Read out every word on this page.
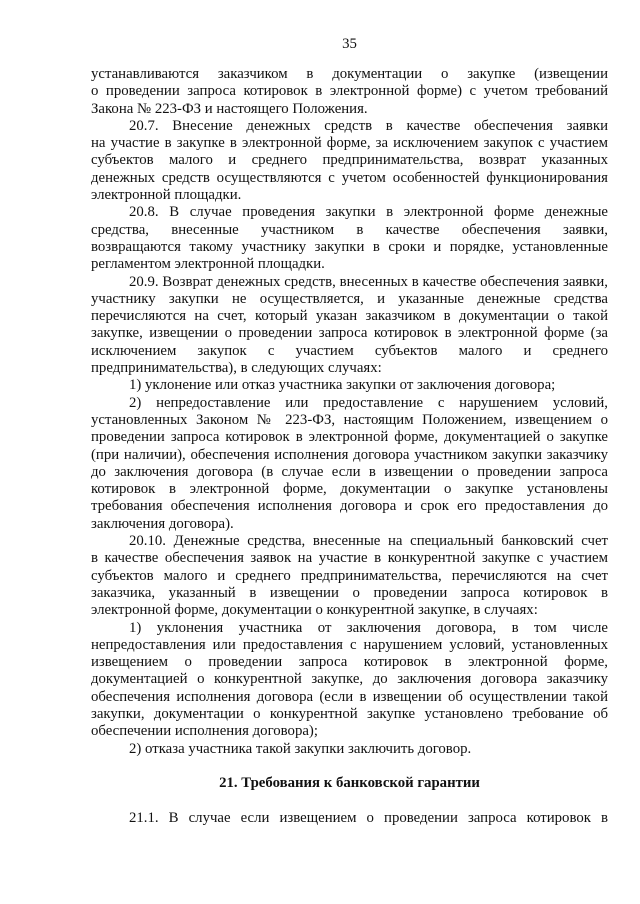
35
устанавливаются заказчиком в документации о закупке (извещении
о проведении запроса котировок в электронной форме) с учетом требований
Закона № 223-ФЗ и настоящего Положения.
20.7. Внесение денежных средств в качестве обеспечения заявки
на участие в закупке в электронной форме, за исключением закупок с участием
субъектов малого и среднего предпринимательства, возврат указанных
денежных средств осуществляются с учетом особенностей функционирования
электронной площадки.
20.8. В случае проведения закупки в электронной форме денежные
средства, внесенные участником в качестве обеспечения заявки,
возвращаются такому участнику закупки в сроки и порядке, установленные
регламентом электронной площадки.
20.9. Возврат денежных средств, внесенных в качестве обеспечения заявки,
участнику закупки не осуществляется, и указанные денежные средства
перечисляются на счет, который указан заказчиком в документации о такой
закупке, извещении о проведении запроса котировок в электронной форме (за
исключением закупок с участием субъектов малого и среднего
предпринимательства), в следующих случаях:
1) уклонение или отказ участника закупки от заключения договора;
2) непредоставление или предоставление с нарушением условий,
установленных Законом № 223-ФЗ, настоящим Положением, извещением о
проведении запроса котировок в электронной форме, документацией о закупке
(при наличии), обеспечения исполнения договора участником закупки заказчику
до заключения договора (в случае если в извещении о проведении запроса
котировок в электронной форме, документации о закупке установлены
требования обеспечения исполнения договора и срок его предоставления до
заключения договора).
20.10. Денежные средства, внесенные на специальный банковский счет
в качестве обеспечения заявок на участие в конкурентной закупке с участием
субъектов малого и среднего предпринимательства, перечисляются на счет
заказчика, указанный в извещении о проведении запроса котировок в
электронной форме, документации о конкурентной закупке, в случаях:
1) уклонения участника от заключения договора, в том числе
непредоставления или предоставления с нарушением условий, установленных
извещением о проведении запроса котировок в электронной форме,
документацией о конкурентной закупке, до заключения договора заказчику
обеспечения исполнения договора (если в извещении об осуществлении такой
закупки, документации о конкурентной закупке установлено требование об
обеспечении исполнения договора);
2) отказа участника такой закупки заключить договор.
21. Требования к банковской гарантии
21.1. В случае если извещением о проведении запроса котировок в
